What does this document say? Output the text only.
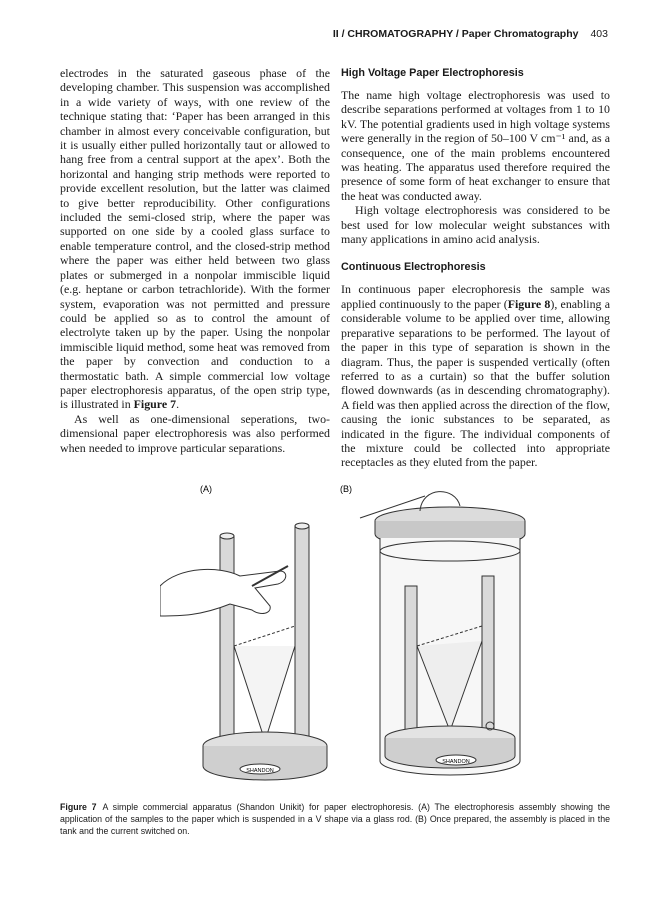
II / CHROMATOGRAPHY / Paper Chromatography 403

electrodes in the saturated gaseous phase of the developing chamber. This suspension was accomplished in a wide variety of ways, with one review of the technique stating that: ‘Paper has been arranged in this chamber in almost every conceivable configuration, but it is usually either pulled horizontally taut or allowed to hang free from a central support at the apex’. Both the horizontal and hanging strip methods were reported to provide excellent resolution, but the latter was claimed to give better reproducibility. Other configurations included the semi-closed strip, where the paper was supported on one side by a cooled glass surface to enable temperature control, and the closed-strip method where the paper was either held between two glass plates or submerged in a nonpolar immiscible liquid (e.g. heptane or carbon tetrachloride). With the former system, evaporation was not permitted and pressure could be applied so as to control the amount of electrolyte taken up by the paper. Using the nonpolar immiscible liquid method, some heat was removed from the paper by convection and conduction to a thermostatic bath. A simple commercial low voltage paper electrophoresis apparatus, of the open strip type, is illustrated in Figure 7.

As well as one-dimensional seperations, two-dimensional paper electrophoresis was also performed when needed to improve particular separations.

High Voltage Paper Electrophoresis

The name high voltage electrophoresis was used to describe separations performed at voltages from 1 to 10 kV. The potential gradients used in high voltage systems were generally in the region of 50–100 V cm⁻¹ and, as a consequence, one of the main problems encountered was heating. The apparatus used therefore required the presence of some form of heat exchanger to ensure that the heat was conducted away.

High voltage electrophoresis was considered to be best used for low molecular weight substances with many applications in amino acid analysis.

Continuous Electrophoresis

In continuous paper elecrophoresis the sample was applied continuously to the paper (Figure 8), enabling a considerable volume to be applied over time, allowing preparative separations to be performed. The layout of the paper in this type of separation is shown in the diagram. Thus, the paper is suspended vertically (often referred to as a curtain) so that the buffer solution flowed downwards (as in descending chromatography). A field was then applied across the direction of the flow, causing the ionic substances to be separated, as indicated in the figure. The individual components of the mixture could be collected into appropriate receptacles as they eluted from the paper.

(A)
SHANDON
(B)
SHANDON
Figure 7 A simple commercial apparatus (Shandon Unikit) for paper electrophoresis. (A) The electrophoresis assembly showing the application of the samples to the paper which is suspended in a V shape via a glass rod. (B) Once prepared, the assembly is placed in the tank and the current switched on.
